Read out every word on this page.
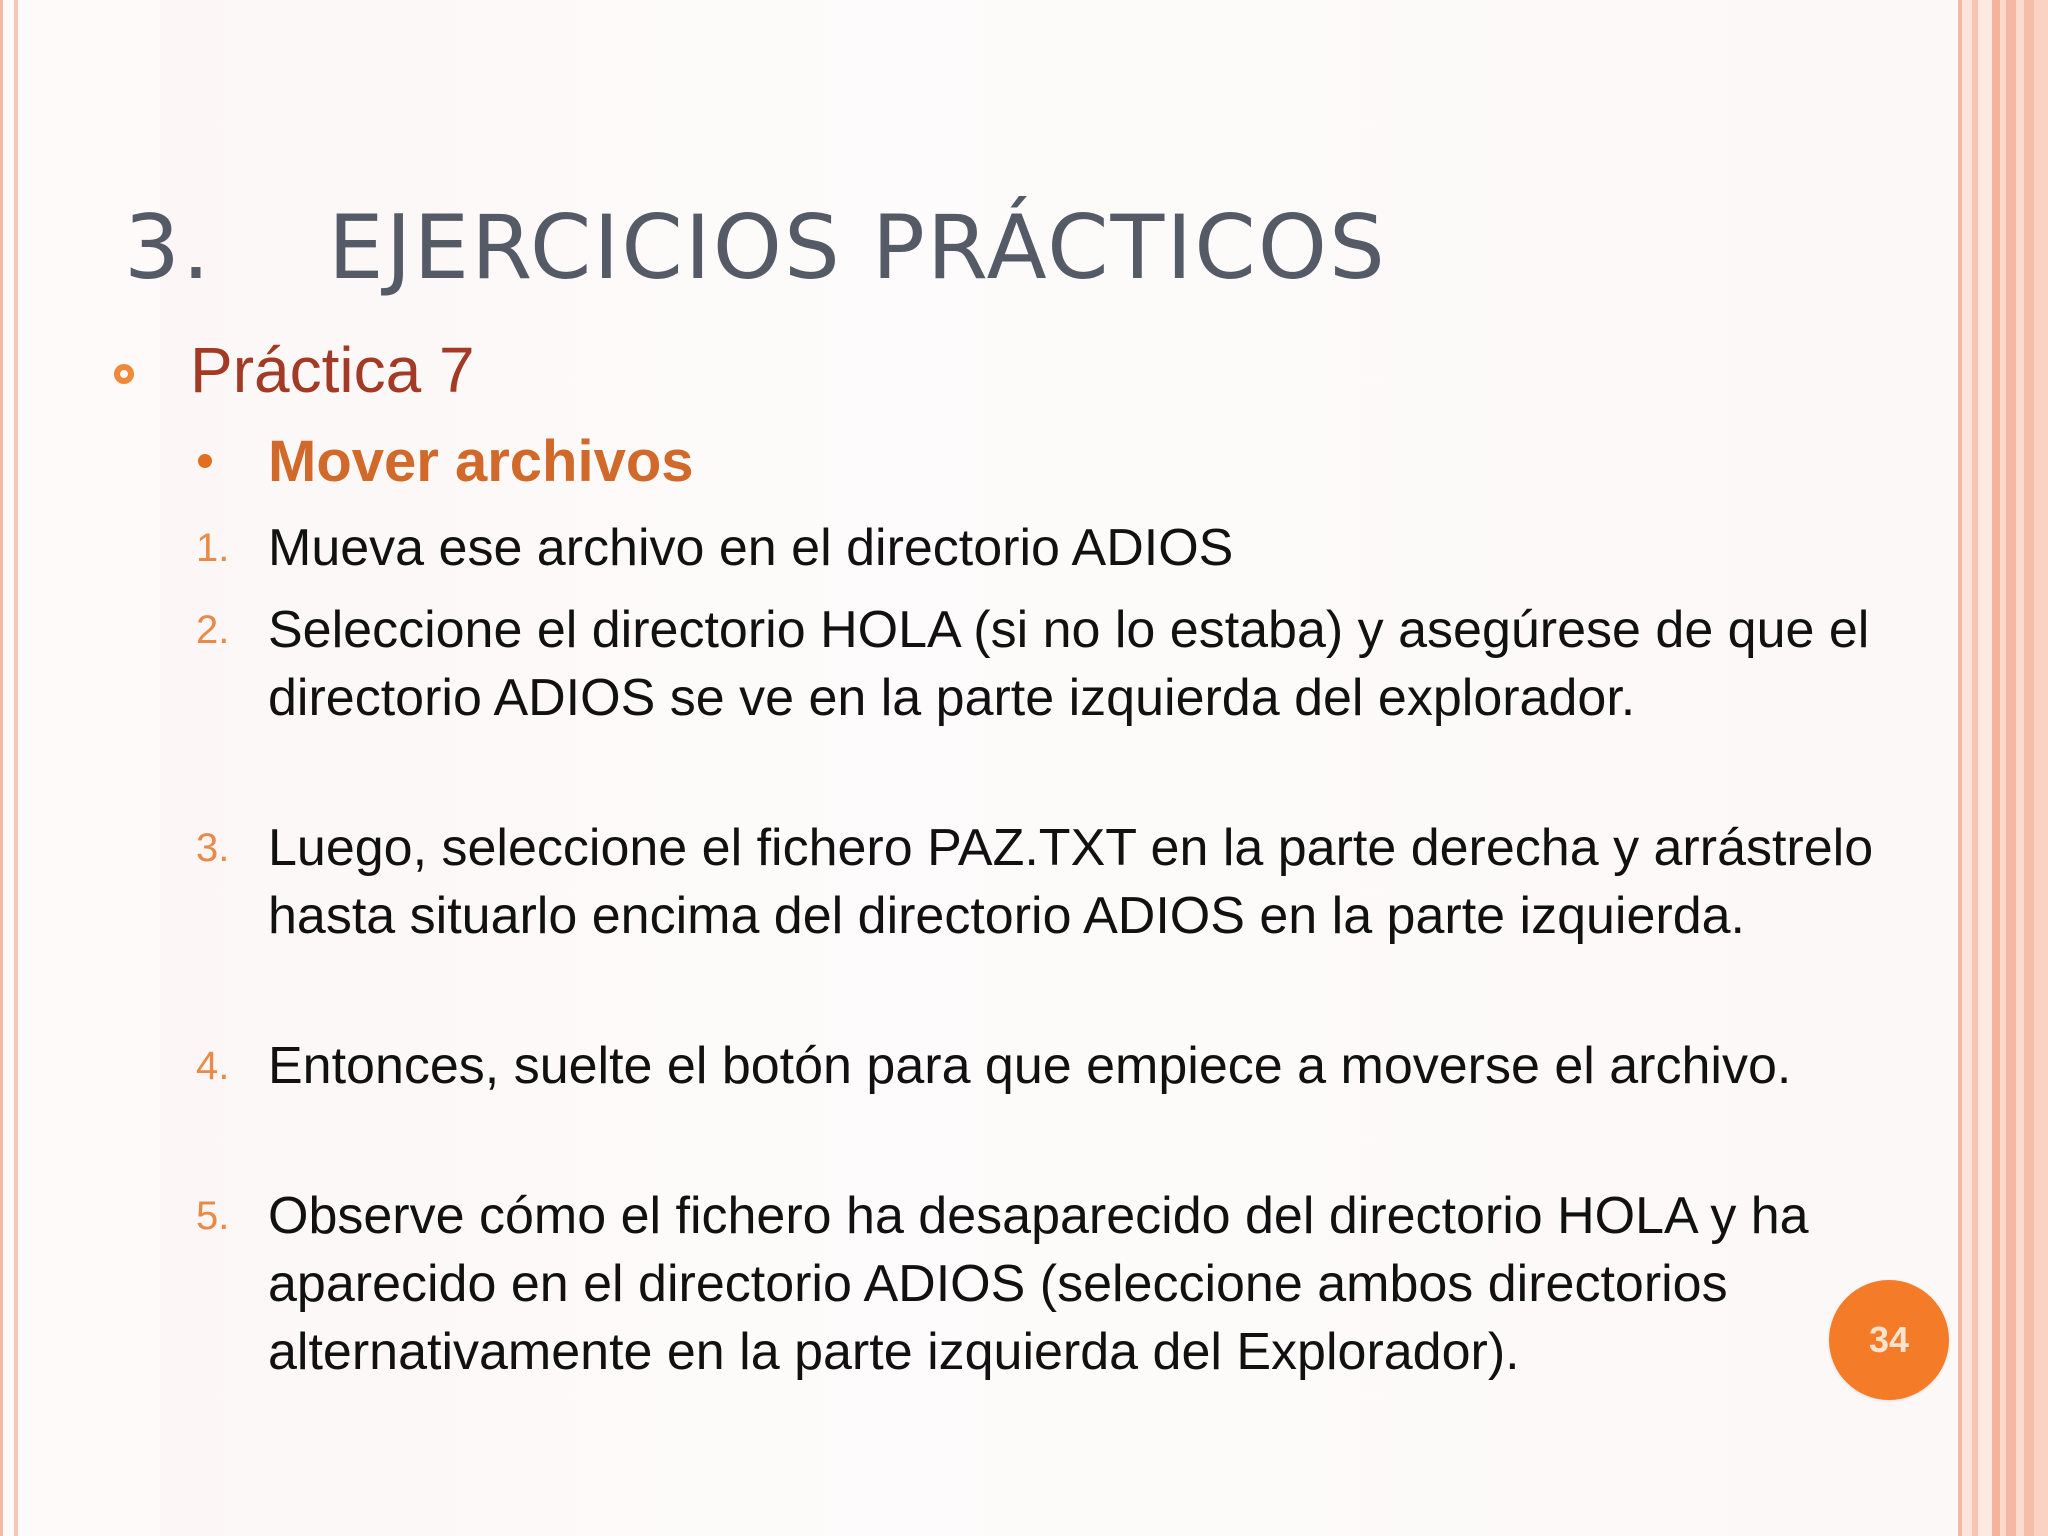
3. EJERCICIOS PRÁCTICOS
Práctica 7
Mover archivos
1. Mueva ese archivo en el directorio ADIOS
2. Seleccione el directorio HOLA (si no lo estaba) y asegúrese de que el directorio ADIOS se ve en la parte izquierda del explorador.
3. Luego, seleccione el fichero PAZ.TXT en la parte derecha y arrástrelo hasta situarlo encima del directorio ADIOS en la parte izquierda.
4. Entonces, suelte el botón para que empiece a moverse el archivo.
5. Observe cómo el fichero ha desaparecido del directorio HOLA y ha aparecido en el directorio ADIOS (seleccione ambos directorios alternativamente en la parte izquierda del Explorador).	34
